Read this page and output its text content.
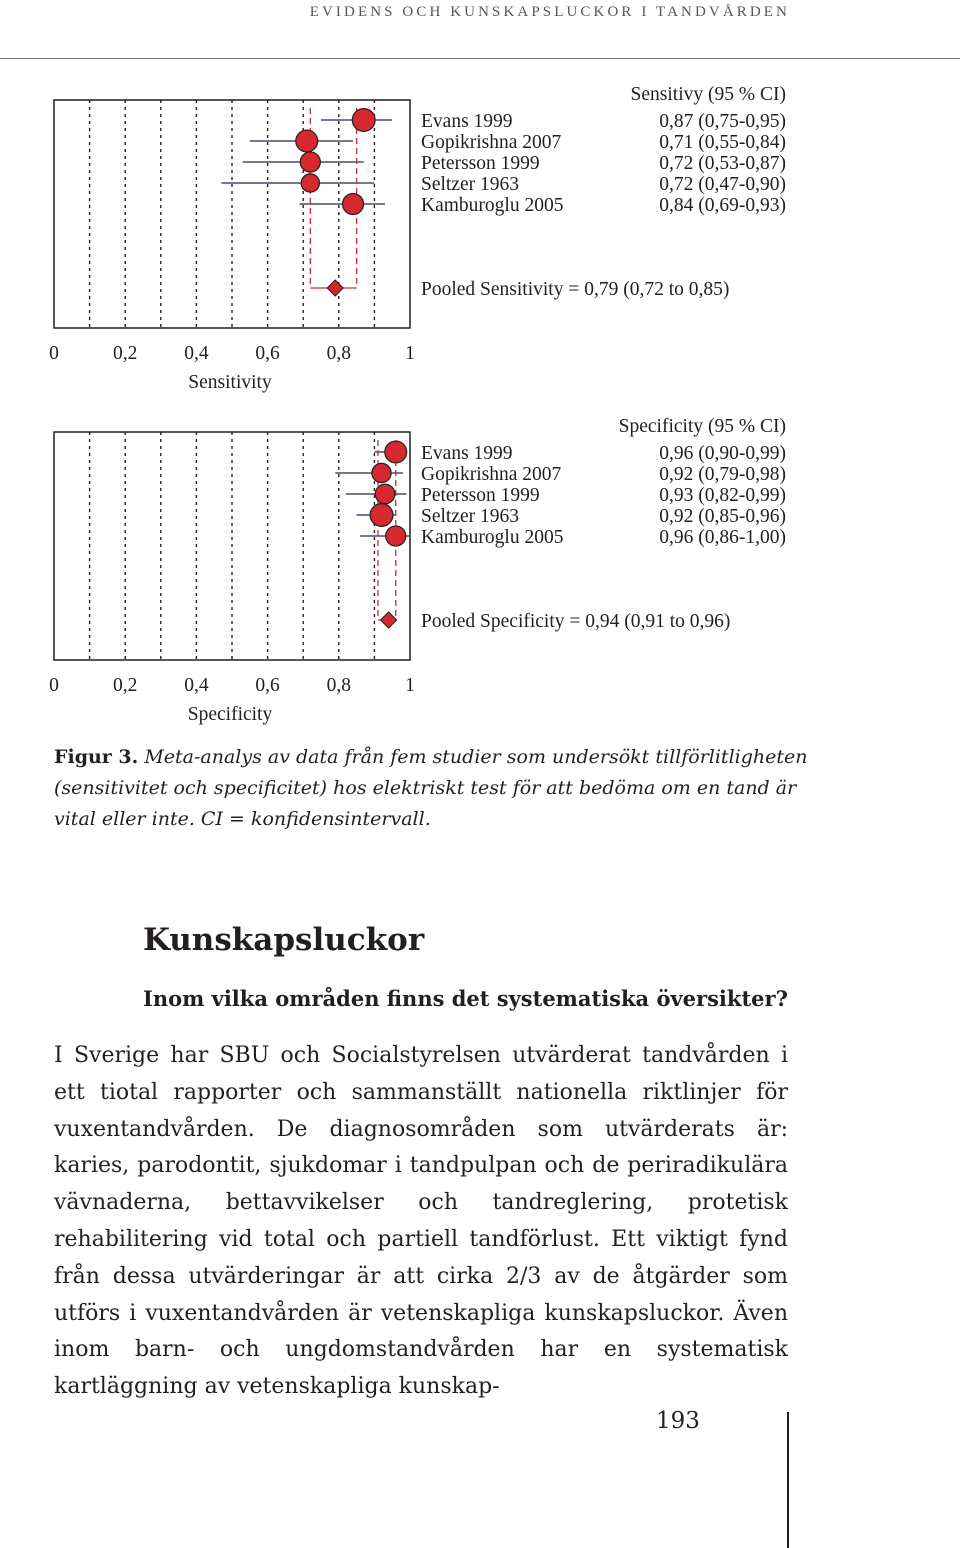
EVIDENS OCH KUNSKAPSLUCKOR I TANDVÅRDEN
0	0,2 0,4 0,6 0,8	1
Sensitivity
Sensitivy (95 % CI)
Evans 1999	0,87 (0,75-0,95)
Gopikrishna 2007	0,71 (0,55-0,84)
Petersson 1999	0,72 (0,53-0,87)
Seltzer 1963	0,72 (0,47-0,90)
Kamburoglu 2005	0,84 (0,69-0,93)
Pooled Sensitivity = 0,79 (0,72 to 0,85)
0	0,2 0,4 0,6 0,8	1
Specificity
Specificity (95 % CI)
Evans 1999	0,96 (0,90-0,99)
Gopikrishna 2007	0,92 (0,79-0,98)
Petersson 1999	0,93 (0,82-0,99)
Seltzer 1963	0,92 (0,85-0,96)
Kamburoglu 2005	0,96 (0,86-1,00)
Pooled Specificity = 0,94 (0,91 to 0,96)
Figur 3. Meta-analys av data från fem studier som undersökt tillförlitligheten (sensitivitet och specificitet) hos elektriskt test för att bedöma om en tand är vital eller inte. CI = konfidensintervall.
Kunskapsluckor
Inom vilka områden finns det systematiska översikter?
I Sverige har SBU och Socialstyrelsen utvärderat tandvården i ett tiotal rapporter och sammanställt nationella riktlinjer för vuxentandvården. De diagnosområden som utvärderats är: karies, parodontit, sjukdomar i tandpulpan och de periradikulära vävnaderna, bettavvikelser och tandreglering, protetisk rehabilitering vid total och partiell tandförlust. Ett viktigt fynd från dessa utvärderingar är att cirka 2/3 av de åtgärder som utförs i vuxentandvården är vetenskapliga kunskapsluckor. Även inom barn- och ungdomstandvården har en systematisk kartläggning av vetenskapliga kunskap-
193
